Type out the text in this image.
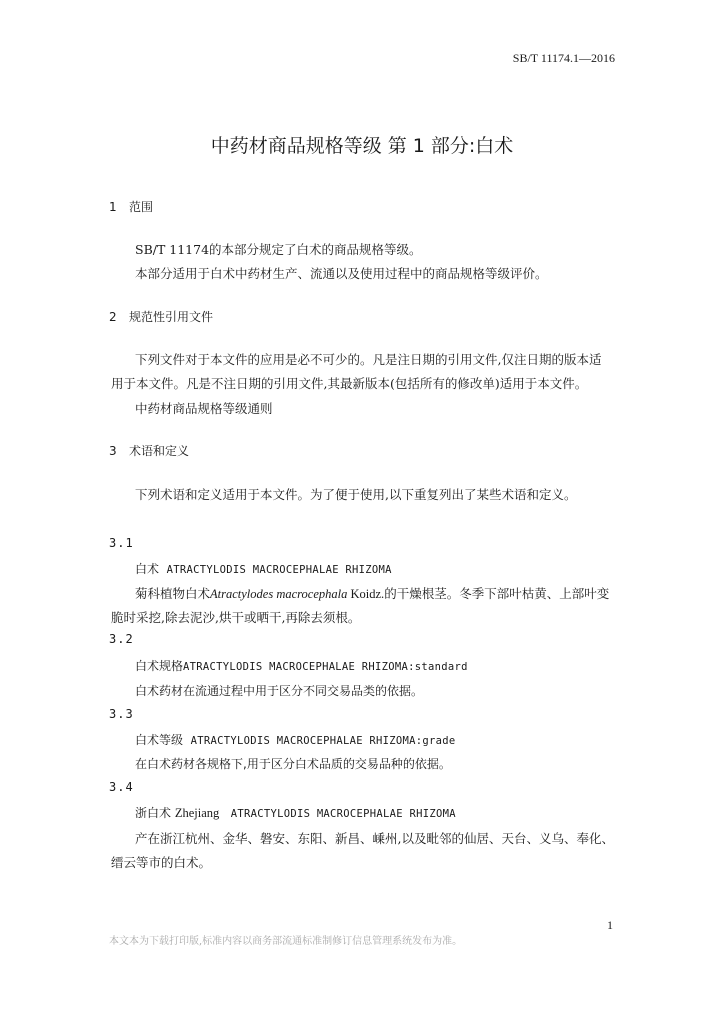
SB/T 11174.1—2016
中药材商品规格等级 第 1 部分:白术
1 范围
SB/T 11174的本部分规定了白术的商品规格等级。
本部分适用于白术中药材生产、流通以及使用过程中的商品规格等级评价。
2 规范性引用文件
下列文件对于本文件的应用是必不可少的。凡是注日期的引用文件,仅注日期的版本适
用于本文件。凡是不注日期的引用文件,其最新版本(包括所有的修改单)适用于本文件。
中药材商品规格等级通则
3 术语和定义
下列术语和定义适用于本文件。为了便于使用,以下重复列出了某些术语和定义。
3.1
白术 ATRACTYLODIS MACROCEPHALAE RHIZOMA
菊科植物白术Atractylodes macrocephala Koidz.的干燥根茎。冬季下部叶枯黄、上部叶变
脆时采挖,除去泥沙,烘干或晒干,再除去须根。
3.2
白术规格ATRACTYLODIS MACROCEPHALAE RHIZOMA:standard
白术药材在流通过程中用于区分不同交易品类的依据。
3.3
白术等级 ATRACTYLODIS MACROCEPHALAE RHIZOMA:grade
在白术药材各规格下,用于区分白术品质的交易品种的依据。
3.4
浙白术 Zhejiang ATRACTYLODIS MACROCEPHALAE RHIZOMA
产在浙江杭州、金华、磐安、东阳、新昌、嵊州,以及毗邻的仙居、天台、义乌、奉化、
缙云等市的白术。
1
本文本为下载打印版,标准内容以商务部流通标准制修订信息管理系统发布为准。
